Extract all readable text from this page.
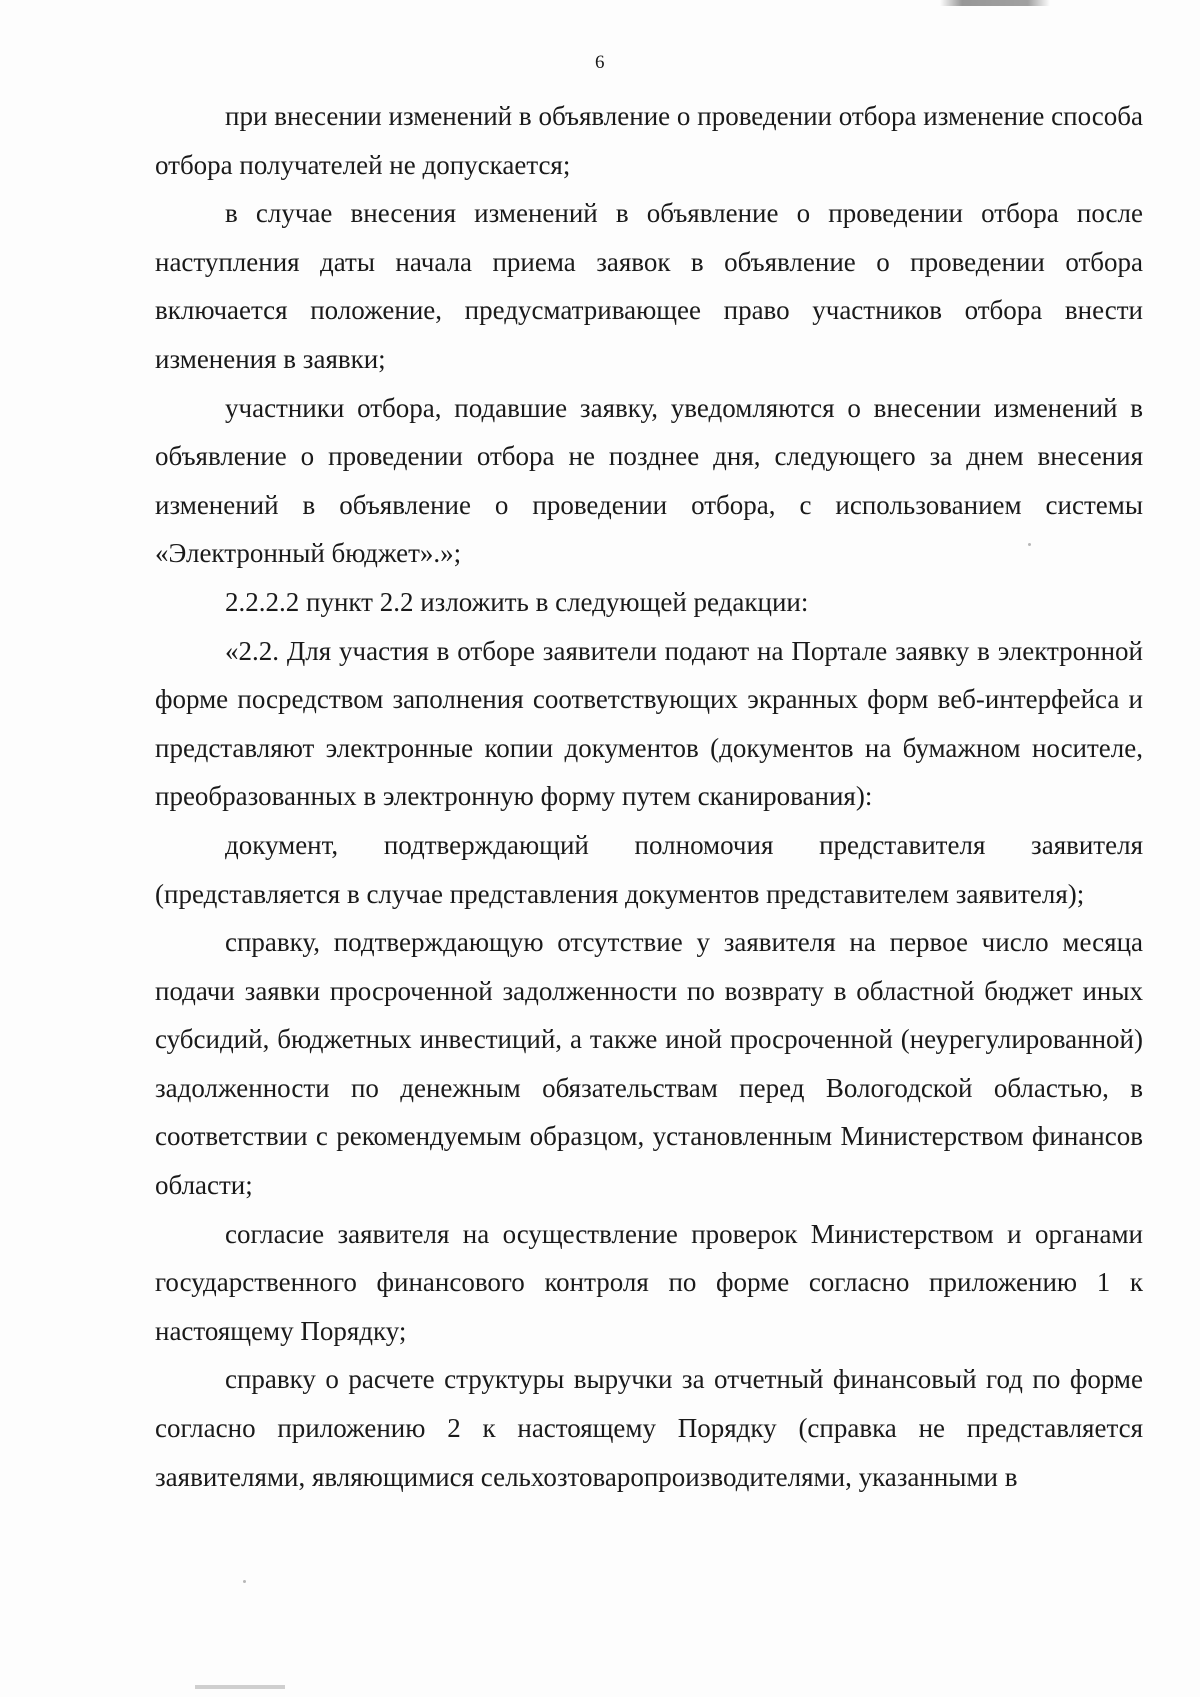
6

при внесении изменений в объявление о проведении отбора изменение способа отбора получателей не допускается;

в случае внесения изменений в объявление о проведении отбора после наступления даты начала приема заявок в объявление о проведении отбора включается положение, предусматривающее право участников отбора внести изменения в заявки;

участники отбора, подавшие заявку, уведомляются о внесении изменений в объявление о проведении отбора не позднее дня, следующего за днем внесения изменений в объявление о проведении отбора, с использованием системы «Электронный бюджет».»;

2.2.2.2 пункт 2.2 изложить в следующей редакции:

«2.2. Для участия в отборе заявители подают на Портале заявку в электронной форме посредством заполнения соответствующих экранных форм веб-интерфейса и представляют электронные копии документов (документов на бумажном носителе, преобразованных в электронную форму путем сканирования):

документ, подтверждающий полномочия представителя заявителя (представляется в случае представления документов представителем заявителя);

справку, подтверждающую отсутствие у заявителя на первое число месяца подачи заявки просроченной задолженности по возврату в областной бюджет иных субсидий, бюджетных инвестиций, а также иной просроченной (неурегулированной) задолженности по денежным обязательствам перед Вологодской областью, в соответствии с рекомендуемым образцом, установленным Министерством финансов области;

согласие заявителя на осуществление проверок Министерством и органами государственного финансового контроля по форме согласно приложению 1 к настоящему Порядку;

справку о расчете структуры выручки за отчетный финансовый год по форме согласно приложению 2 к настоящему Порядку (справка не представляется заявителями, являющимися сельхозтоваропроизводителями, указанными в
